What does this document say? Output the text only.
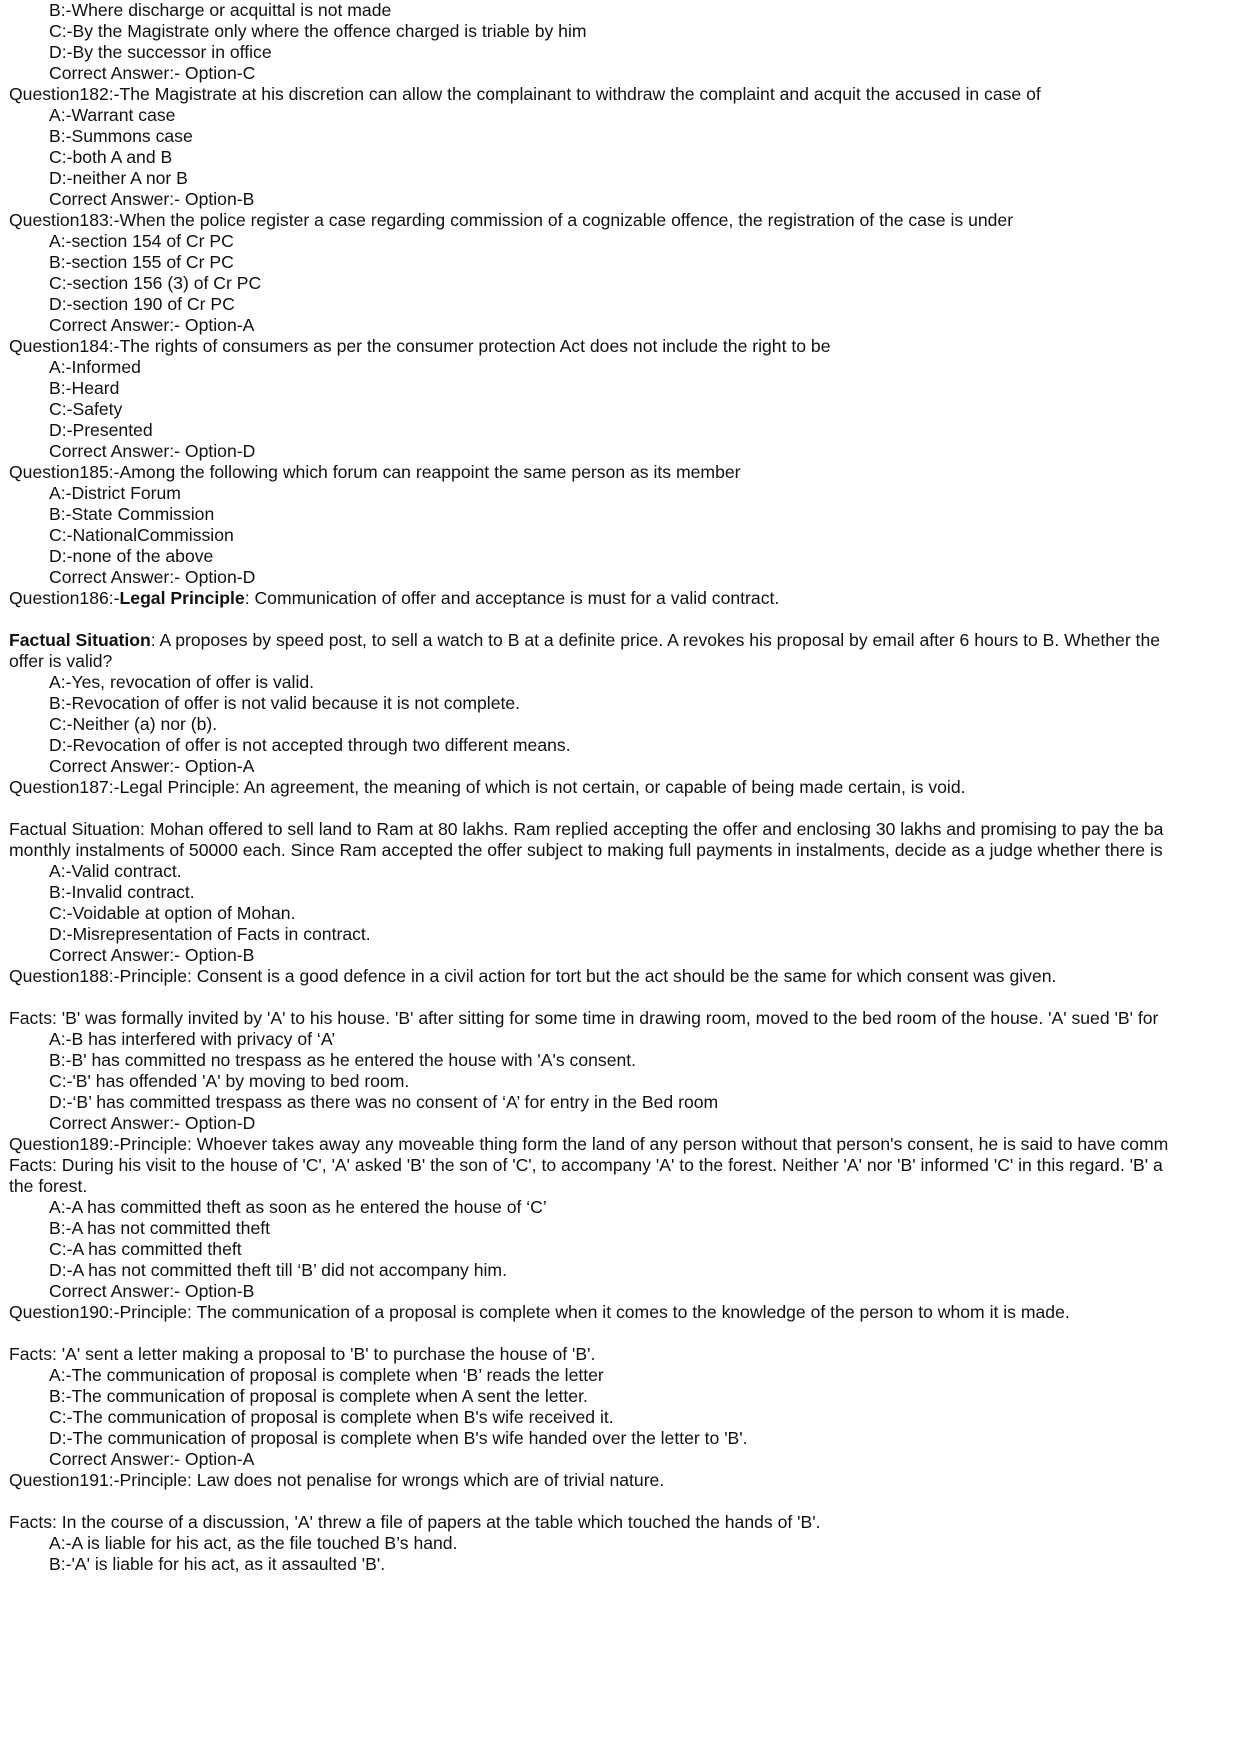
B:-Where discharge or acquittal is not made
C:-By the Magistrate only where the offence charged is triable by him
D:-By the successor in office
Correct Answer:- Option-C
Question182:-The Magistrate at his discretion can allow the complainant to withdraw the complaint and acquit the accused in case of
A:-Warrant case
B:-Summons case
C:-both A and B
D:-neither A nor B
Correct Answer:- Option-B
Question183:-When the police register a case regarding commission of a cognizable offence, the registration of the case is under
A:-section 154 of Cr PC
B:-section 155 of Cr PC
C:-section 156 (3) of Cr PC
D:-section 190 of Cr PC
Correct Answer:- Option-A
Question184:-The rights of consumers as per the consumer protection Act does not include the right to be
A:-Informed
B:-Heard
C:-Safety
D:-Presented
Correct Answer:- Option-D
Question185:-Among the following which forum can reappoint the same person as its member
A:-District Forum
B:-State Commission
C:-NationalCommission
D:-none of the above
Correct Answer:- Option-D
Question186:-Legal Principle: Communication of offer and acceptance is must for a valid contract.
Factual Situation: A proposes by speed post, to sell a watch to B at a definite price. A revokes his proposal by email after 6 hours to B. Whether the
offer is valid?
A:-Yes, revocation of offer is valid.
B:-Revocation of offer is not valid because it is not complete.
C:-Neither (a) nor (b).
D:-Revocation of offer is not accepted through two different means.
Correct Answer:- Option-A
Question187:-Legal Principle: An agreement, the meaning of which is not certain, or capable of being made certain, is void.
Factual Situation: Mohan offered to sell land to Ram at 80 lakhs. Ram replied accepting the offer and enclosing 30 lakhs and promising to pay the ba
monthly instalments of 50000 each. Since Ram accepted the offer subject to making full payments in instalments, decide as a judge whether there is
A:-Valid contract.
B:-Invalid contract.
C:-Voidable at option of Mohan.
D:-Misrepresentation of Facts in contract.
Correct Answer:- Option-B
Question188:-Principle: Consent is a good defence in a civil action for tort but the act should be the same for which consent was given.
Facts: 'B' was formally invited by 'A' to his house. 'B' after sitting for some time in drawing room, moved to the bed room of the house. 'A' sued 'B' for
A:-B has interfered with privacy of ‘A’
B:-B' has committed no trespass as he entered the house with 'A's consent.
C:-'B' has offended 'A' by moving to bed room.
D:-‘B’ has committed trespass as there was no consent of ‘A’ for entry in the Bed room
Correct Answer:- Option-D
Question189:-Principle: Whoever takes away any moveable thing form the land of any person without that person's consent, he is said to have comm
Facts: During his visit to the house of 'C', 'A' asked 'B' the son of 'C', to accompany 'A' to the forest. Neither 'A' nor 'B' informed 'C' in this regard. 'B' a
the forest.
A:-A has committed theft as soon as he entered the house of ‘C’
B:-A has not committed theft
C:-A has committed theft
D:-A has not committed theft till ‘B’ did not accompany him.
Correct Answer:- Option-B
Question190:-Principle: The communication of a proposal is complete when it comes to the knowledge of the person to whom it is made.
Facts: 'A' sent a letter making a proposal to 'B' to purchase the house of 'B'.
A:-The communication of proposal is complete when ‘B’ reads the letter
B:-The communication of proposal is complete when A sent the letter.
C:-The communication of proposal is complete when B's wife received it.
D:-The communication of proposal is complete when B's wife handed over the letter to 'B'.
Correct Answer:- Option-A
Question191:-Principle: Law does not penalise for wrongs which are of trivial nature.
Facts: In the course of a discussion, 'A' threw a file of papers at the table which touched the hands of 'B'.
A:-A is liable for his act, as the file touched B’s hand.
B:-'A' is liable for his act, as it assaulted 'B'.
